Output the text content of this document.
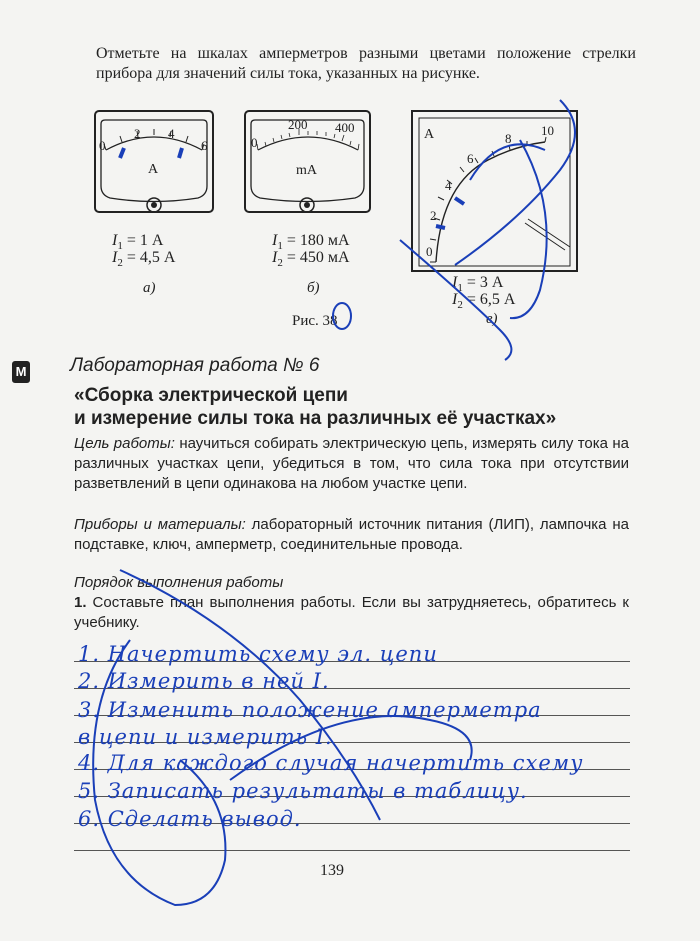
Отметьте на шкалах амперметров разными цветами положение стрелки прибора для значений силы тока, указанных на рисунке.
0
2 4
6
А
0
200 400
mA
0
2
4
6
8
10
А
$I_1 = 1$ А
$I_2 = 4,5$ А
$I_1 = 180$ мА
$I_2 = 450$ мА
$I_1 = 3$ А
$I_2 = 6,5$ А
а)	б)
в)
Рис. 38
М Лабораторная работа № 6
«Сборка электрической цепи
и измерение силы тока на различных её участках»
Цель работы: научиться собирать электрическую цепь, измерять силу тока на различных участках цепи, убедиться в том, что сила тока при отсутствии разветвлений в цепи одинакова на любом участке цепи.
Приборы и материалы: лабораторный источник питания (ЛИП), лампочка на подставке, ключ, амперметр, соединительные провода.
Порядок выполнения работы
1. Составьте план выполнения работы. Если вы затрудняетесь, обратитесь к учебнику.
1. Начертить схему эл. цепи
2. Измерить в ней I.
3. Изменить положение амперметра
в цепи и измерить I.
4. Для каждого случая начертить схему
5. Записать результаты в таблицу.
6. Сделать вывод.
139
